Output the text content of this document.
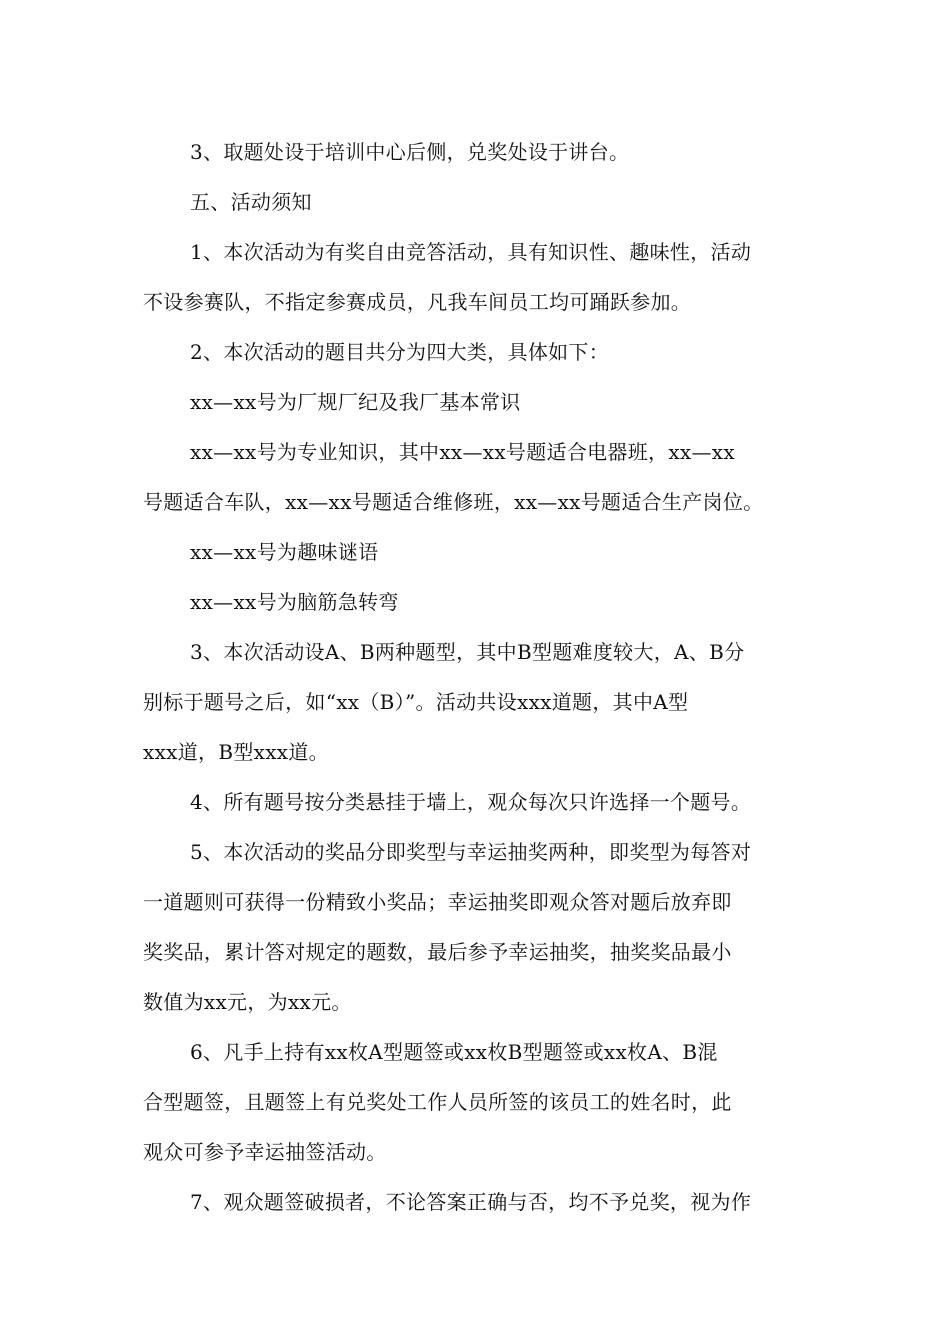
3、取题处设于培训中心后侧，兑奖处设于讲台。
五、活动须知
1、本次活动为有奖自由竞答活动，具有知识性、趣味性，活动
不设参赛队，不指定参赛成员，凡我车间员工均可踊跃参加。
2、本次活动的题目共分为四大类，具体如下：
xx—xx号为厂规厂纪及我厂基本常识
xx—xx号为专业知识，其中xx—xx号题适合电器班，xx—xx
号题适合车队，xx—xx号题适合维修班，xx—xx号题适合生产岗位。
xx—xx号为趣味谜语
xx—xx号为脑筋急转弯
3、本次活动设A、B两种题型，其中B型题难度较大，A、B分
别标于题号之后，如“xx（B）”。活动共设xxx道题，其中A型
xxx道，B型xxx道。
4、所有题号按分类悬挂于墙上，观众每次只许选择一个题号。
5、本次活动的奖品分即奖型与幸运抽奖两种，即奖型为每答对
一道题则可获得一份精致小奖品；幸运抽奖即观众答对题后放弃即
奖奖品，累计答对规定的题数，最后参予幸运抽奖，抽奖奖品最小
数值为xx元，为xx元。
6、凡手上持有xx枚A型题签或xx枚B型题签或xx枚A、B混
合型题签，且题签上有兑奖处工作人员所签的该员工的姓名时，此
观众可参予幸运抽签活动。
7、观众题签破损者，不论答案正确与否，均不予兑奖，视为作
